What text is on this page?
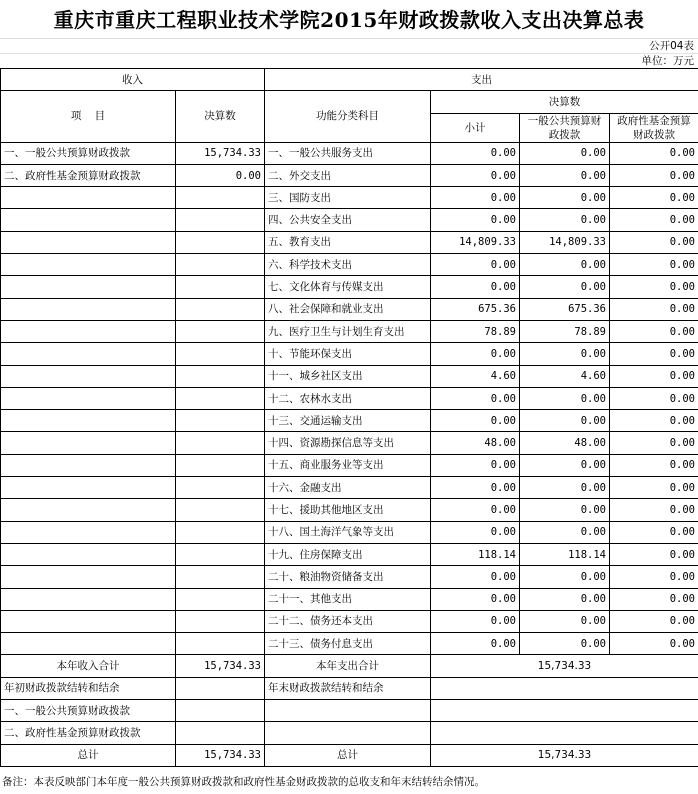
重庆市重庆工程职业技术学院2015年财政拨款收入支出决算总表
公开04表
单位：万元
收入		支出			
项    目	决算数	功能分类科目	决算数		
			小计	一般公共预算财政拨款	政府性基金预算财政拨款

一、一般公共预算财政拨款	15,734.33	一、一般公共服务支出	0.00	0.00	0.00
二、政府性基金预算财政拨款	0.00	二、外交支出	0.00	0.00	0.00
		三、国防支出	0.00	0.00	0.00
		四、公共安全支出	0.00	0.00	0.00
		五、教育支出	14,809.33	14,809.33	0.00
		六、科学技术支出	0.00	0.00	0.00
		七、文化体育与传媒支出	0.00	0.00	0.00
		八、社会保障和就业支出	675.36	675.36	0.00
		九、医疗卫生与计划生育支出	78.89	78.89	0.00
		十、节能环保支出	0.00	0.00	0.00
		十一、城乡社区支出	4.60	4.60	0.00
		十二、农林水支出	0.00	0.00	0.00
		十三、交通运输支出	0.00	0.00	0.00
		十四、资源勘探信息等支出	48.00	48.00	0.00
		十五、商业服务业等支出	0.00	0.00	0.00
		十六、金融支出	0.00	0.00	0.00
		十七、援助其他地区支出	0.00	0.00	0.00
		十八、国土海洋气象等支出	0.00	0.00	0.00
		十九、住房保障支出	118.14	118.14	0.00
		二十、粮油物资储备支出	0.00	0.00	0.00
		二十一、其他支出	0.00	0.00	0.00
		二十二、债务还本支出	0.00	0.00	0.00
		二十三、债务付息支出	0.00	0.00	0.00
本年收入合计	15,734.33	本年支出合计	15,734.33		
年初财政拨款结转和结余		年末财政拨款结转和结余			
一、一般公共预算财政拨款					
二、政府性基金预算财政拨款					
总计	15,734.33	总计	15,734.33		
备注：本表反映部门本年度一般公共预算财政拨款和政府性基金财政拨款的总收支和年末结转结余情况。
